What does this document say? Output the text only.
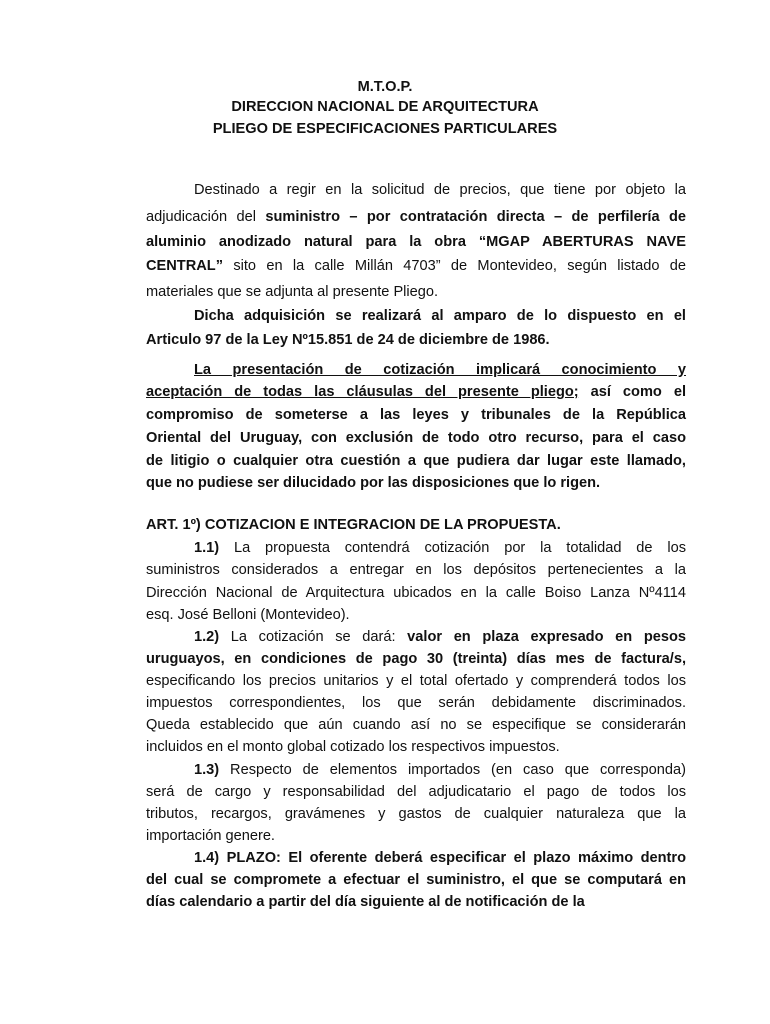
M.T.O.P.
DIRECCION NACIONAL DE ARQUITECTURA
PLIEGO DE ESPECIFICACIONES PARTICULARES
Destinado a regir en la solicitud de precios, que tiene por objeto la
adjudicación del suministro – por contratación directa – de perfilería de
aluminio anodizado natural para la obra “MGAP ABERTURAS NAVE
CENTRAL” sito en la calle Millán 4703” de Montevideo, según listado de
materiales que se adjunta al presente Pliego.
Dicha adquisición se realizará al amparo de lo dispuesto en el
Articulo 97 de la Ley Nº15.851 de 24 de diciembre de 1986.
La presentación de cotización implicará conocimiento y
aceptación de todas las cláusulas del presente pliego; así como el
compromiso de someterse a las leyes y tribunales de la República
Oriental del Uruguay, con exclusión de todo otro recurso, para el caso
de litigio o cualquier otra cuestión a que pudiera dar lugar este llamado,
que no pudiese ser dilucidado por las disposiciones que lo rigen.
ART. 1º) COTIZACION E INTEGRACION DE LA PROPUESTA.
1.1) La propuesta contendrá cotización por la totalidad de los
suministros considerados a entregar en los depósitos pertenecientes a la
Dirección Nacional de Arquitectura ubicados en la calle Boiso Lanza Nº4114
esq. José Belloni (Montevideo).
1.2) La cotización se dará: valor en plaza expresado en pesos
uruguayos, en condiciones de pago 30 (treinta) días mes de factura/s,
especificando los precios unitarios y el total ofertado y comprenderá todos los
impuestos correspondientes, los que serán debidamente discriminados.
Queda establecido que aún cuando así no se especifique se considerarán
incluidos en el monto global cotizado los respectivos impuestos.
1.3) Respecto de elementos importados (en caso que corresponda)
será de cargo y responsabilidad del adjudicatario el pago de todos los
tributos, recargos, gravámenes y gastos de cualquier naturaleza que la
importación genere.
1.4) PLAZO: El oferente deberá especificar el plazo máximo dentro
del cual se compromete a efectuar el suministro, el que se computará en
días calendario a partir del día siguiente al de notificación de la
